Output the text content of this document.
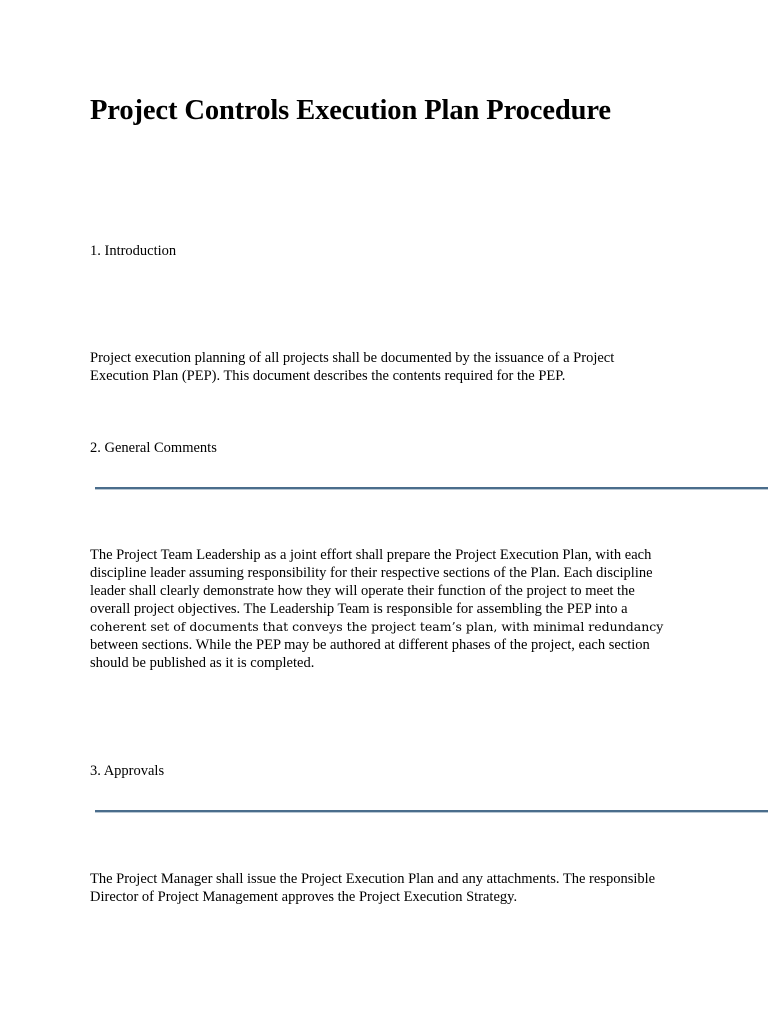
Project Controls Execution Plan Procedure
1. Introduction
Project execution planning of all projects shall be documented by the issuance of a Project
Execution Plan (PEP). This document describes the contents required for the PEP.
2. General Comments
The Project Team Leadership as a joint effort shall prepare the Project Execution Plan, with each
discipline leader assuming responsibility for their respective sections of the Plan. Each discipline
leader shall clearly demonstrate how they will operate their function of the project to meet the
overall project objectives. The Leadership Team is responsible for assembling the PEP into a
coherent set of documents that conveys the project team’s plan, with minimal redundancy
between sections. While the PEP may be authored at different phases of the project, each section
should be published as it is completed.
3. Approvals
The Project Manager shall issue the Project Execution Plan and any attachments. The responsible
Director of Project Management approves the Project Execution Strategy.
